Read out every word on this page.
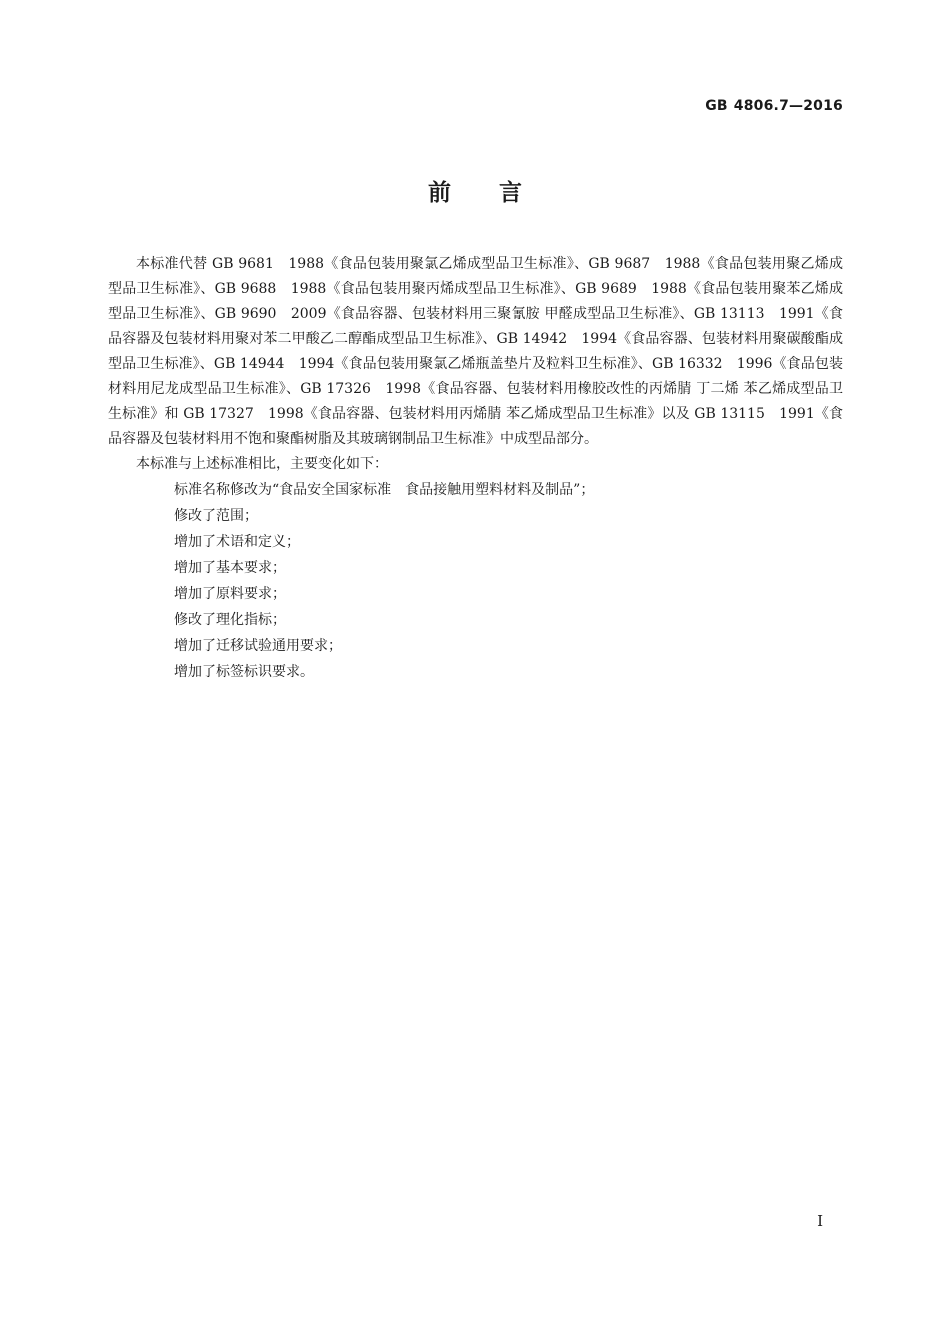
GB 4806.7—2016
前言

本标准代替 GB 9681　1988《食品包装用聚氯乙烯成型品卫生标准》、GB 9687　1988《食品包装用聚乙烯成型品卫生标准》、GB 9688　1988《食品包装用聚丙烯成型品卫生标准》、GB 9689　1988《食品包装用聚苯乙烯成型品卫生标准》、GB 9690　2009《食品容器、包装材料用三聚氰胺 甲醛成型品卫生标准》、GB 13113　1991《食品容器及包装材料用聚对苯二甲酸乙二醇酯成型品卫生标准》、GB 14942　1994《食品容器、包装材料用聚碳酸酯成型品卫生标准》、GB 14944　1994《食品包装用聚氯乙烯瓶盖垫片及粒料卫生标准》、GB 16332　1996《食品包装材料用尼龙成型品卫生标准》、GB 17326　1998《食品容器、包装材料用橡胶改性的丙烯腈 丁二烯 苯乙烯成型品卫生标准》和 GB 17327　1998《食品容器、包装材料用丙烯腈 苯乙烯成型品卫生标准》以及 GB 13115　1991《食品容器及包装材料用不饱和聚酯树脂及其玻璃钢制品卫生标准》中成型品部分。

本标准与上述标准相比，主要变化如下：

标准名称修改为“食品安全国家标准　食品接触用塑料材料及制品”；
修改了范围；
增加了术语和定义；
增加了基本要求；
增加了原料要求；
修改了理化指标；
增加了迁移试验通用要求；
增加了标签标识要求。
I
